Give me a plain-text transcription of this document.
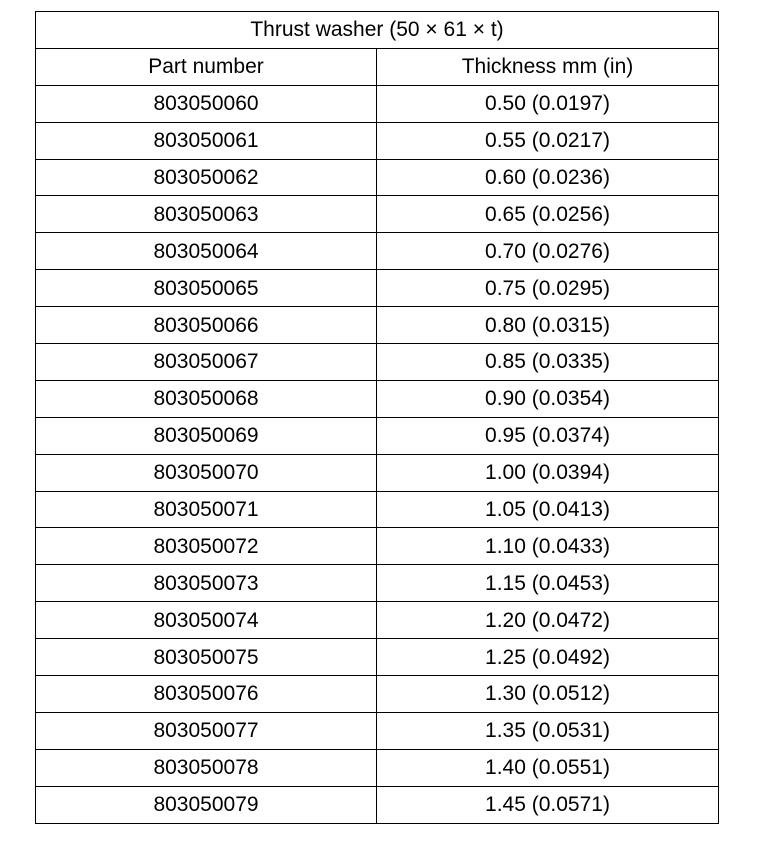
Thrust washer (50 × 61 × t)	
Part number	Thickness mm (in)
803050060	0.50 (0.0197)
803050061	0.55 (0.0217)
803050062	0.60 (0.0236)
803050063	0.65 (0.0256)
803050064	0.70 (0.0276)
803050065	0.75 (0.0295)
803050066	0.80 (0.0315)
803050067	0.85 (0.0335)
803050068	0.90 (0.0354)
803050069	0.95 (0.0374)
803050070	1.00 (0.0394)
803050071	1.05 (0.0413)
803050072	1.10 (0.0433)
803050073	1.15 (0.0453)
803050074	1.20 (0.0472)
803050075	1.25 (0.0492)
803050076	1.30 (0.0512)
803050077	1.35 (0.0531)
803050078	1.40 (0.0551)
803050079	1.45 (0.0571)
